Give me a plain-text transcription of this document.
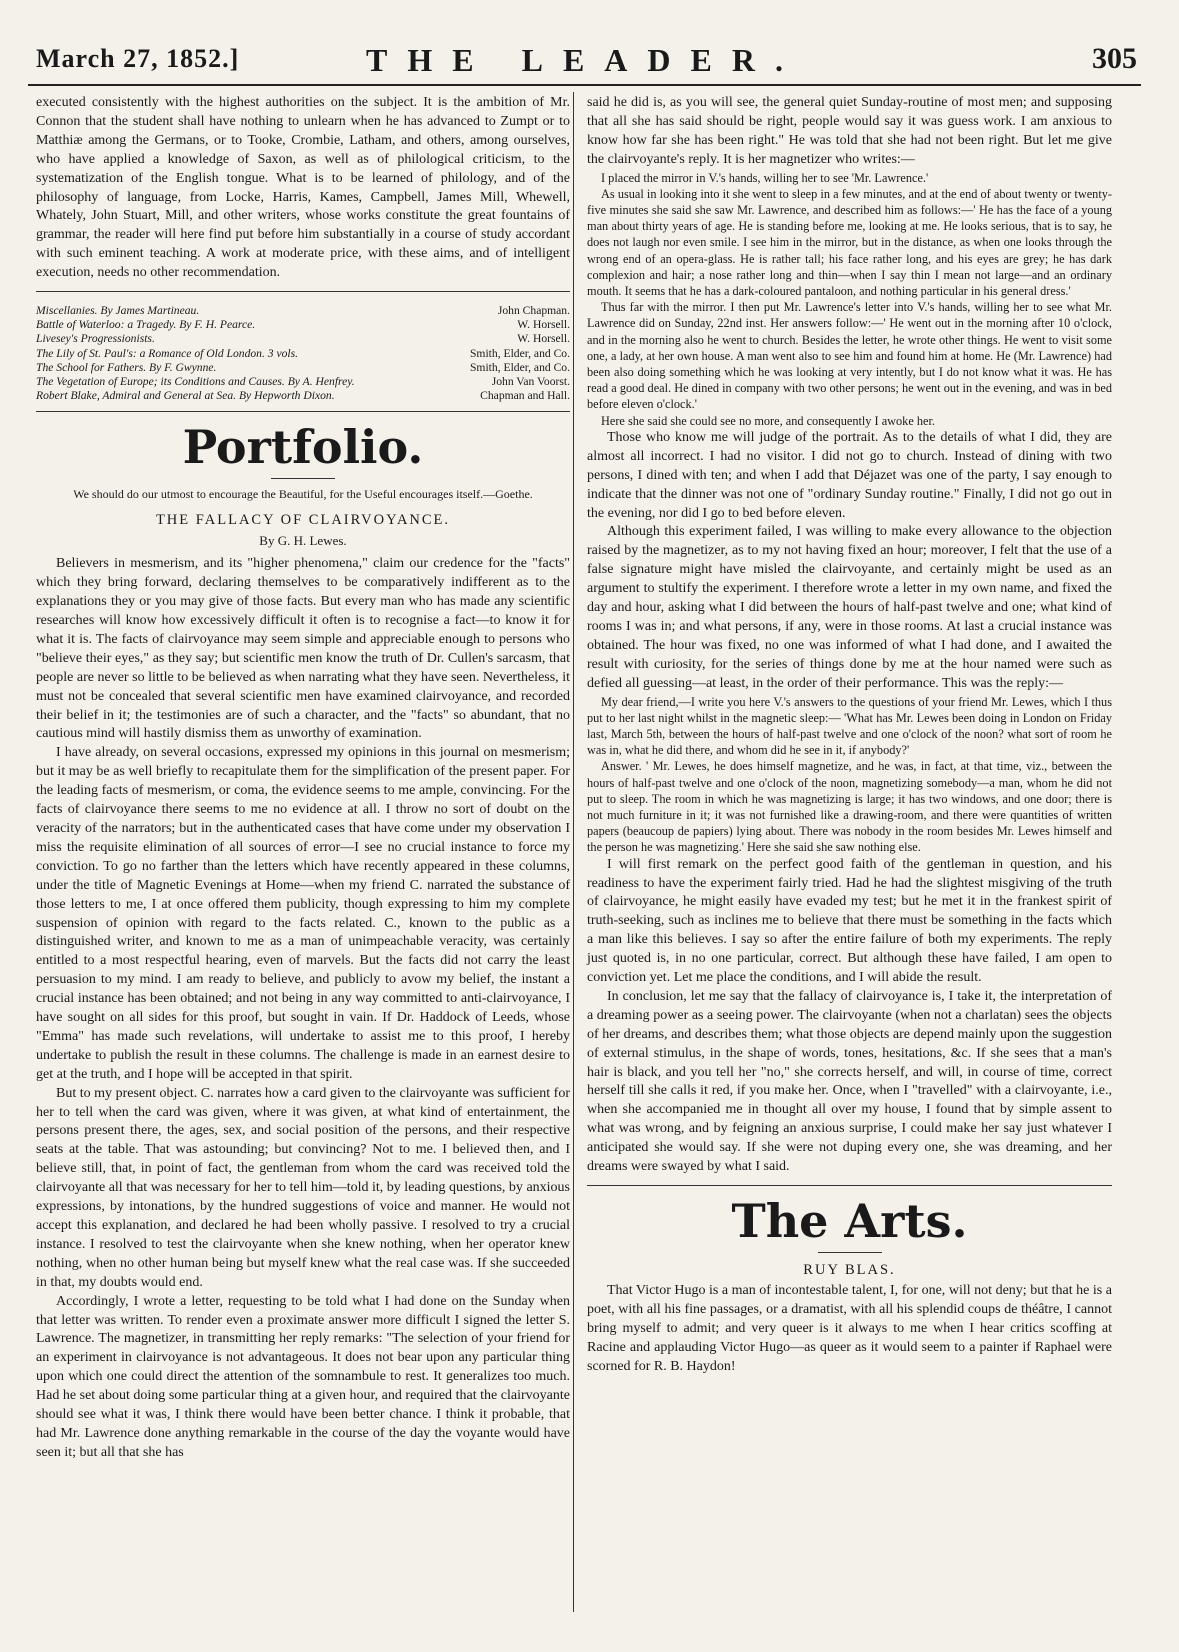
March 27, 1852.]	THE LEADER.	305

executed consistently with the highest authorities on the subject. It is the ambition of Mr. Connon that the student shall have nothing to unlearn when he has advanced to Zumpt or to Matthiæ among the Germans, or to Tooke, Crombie, Latham, and others, among ourselves, who have applied a knowledge of Saxon, as well as of philological criticism, to the systematization of the English tongue. What is to be learned of philology, and of the philosophy of language, from Locke, Harris, Kames, Campbell, James Mill, Whewell, Whately, John Stuart, Mill, and other writers, whose works constitute the great fountains of grammar, the reader will here find put before him substantially in a course of study accordant with such eminent teaching. A work at moderate price, with these aims, and of intelligent execution, needs no other recommendation.

Miscellanies. By James Martineau.	John Chapman.
Battle of Waterloo: a Tragedy. By F. H. Pearce.	W. Horsell.
Livesey's Progressionists.	W. Horsell.
The Lily of St. Paul's: a Romance of Old London. 3 vols.	Smith, Elder, and Co.
The School for Fathers. By F. Gwynne.	Smith, Elder, and Co.
The Vegetation of Europe; its Conditions and Causes. By A. Henfrey.	John Van Voorst.
Robert Blake, Admiral and General at Sea. By Hepworth Dixon.	Chapman and Hall.
Portfolio.
We should do our utmost to encourage the Beautiful, for the Useful encourages itself.—Goethe.
THE FALLACY OF CLAIRVOYANCE.
By G. H. Lewes.

Believers in mesmerism, and its "higher phenomena," claim our credence for the "facts" which they bring forward, declaring themselves to be comparatively indifferent as to the explanations they or you may give of those facts. But every man who has made any scientific researches will know how excessively difficult it often is to recognise a fact—to know it for what it is. The facts of clairvoyance may seem simple and appreciable enough to persons who "believe their eyes," as they say; but scientific men know the truth of Dr. Cullen's sarcasm, that people are never so little to be believed as when narrating what they have seen. Nevertheless, it must not be concealed that several scientific men have examined clairvoyance, and recorded their belief in it; the testimonies are of such a character, and the "facts" so abundant, that no cautious mind will hastily dismiss them as unworthy of examination.

I have already, on several occasions, expressed my opinions in this journal on mesmerism; but it may be as well briefly to recapitulate them for the simplification of the present paper. For the leading facts of mesmerism, or coma, the evidence seems to me ample, convincing. For the facts of clairvoyance there seems to me no evidence at all. I throw no sort of doubt on the veracity of the narrators; but in the authenticated cases that have come under my observation I miss the requisite elimination of all sources of error—I see no crucial instance to force my conviction. To go no farther than the letters which have recently appeared in these columns, under the title of Magnetic Evenings at Home—when my friend C. narrated the substance of those letters to me, I at once offered them publicity, though expressing to him my complete suspension of opinion with regard to the facts related. C., known to the public as a distinguished writer, and known to me as a man of unimpeachable veracity, was certainly entitled to a most respectful hearing, even of marvels. But the facts did not carry the least persuasion to my mind. I am ready to believe, and publicly to avow my belief, the instant a crucial instance has been obtained; and not being in any way committed to anti-clairvoyance, I have sought on all sides for this proof, but sought in vain. If Dr. Haddock of Leeds, whose "Emma" has made such revelations, will undertake to assist me to this proof, I hereby undertake to publish the result in these columns. The challenge is made in an earnest desire to get at the truth, and I hope will be accepted in that spirit.

But to my present object. C. narrates how a card given to the clairvoyante was sufficient for her to tell when the card was given, where it was given, at what kind of entertainment, the persons present there, the ages, sex, and social position of the persons, and their respective seats at the table. That was astounding; but convincing? Not to me. I believed then, and I believe still, that, in point of fact, the gentleman from whom the card was received told the clairvoyante all that was necessary for her to tell him—told it, by leading questions, by anxious expressions, by intonations, by the hundred suggestions of voice and manner. He would not accept this explanation, and declared he had been wholly passive. I resolved to try a crucial instance. I resolved to test the clairvoyante when she knew nothing, when her operator knew nothing, when no other human being but myself knew what the real case was. If she succeeded in that, my doubts would end.

Accordingly, I wrote a letter, requesting to be told what I had done on the Sunday when that letter was written. To render even a proximate answer more difficult I signed the letter S. Lawrence. The magnetizer, in transmitting her reply remarks: "The selection of your friend for an experiment in clairvoyance is not advantageous. It does not bear upon any particular thing upon which one could direct the attention of the somnambule to rest. It generalizes too much. Had he set about doing some particular thing at a given hour, and required that the clairvoyante should see what it was, I think there would have been better chance. I think it probable, that had Mr. Lawrence done anything remarkable in the course of the day the voyante would have seen it; but all that she has

said he did is, as you will see, the general quiet Sunday-routine of most men; and supposing that all she has said should be right, people would say it was guess work. I am anxious to know how far she has been right." He was told that she had not been right. But let me give the clairvoyante's reply. It is her magnetizer who writes:—

I placed the mirror in V.'s hands, willing her to see 'Mr. Lawrence.'

As usual in looking into it she went to sleep in a few minutes, and at the end of about twenty or twenty-five minutes she said she saw Mr. Lawrence, and described him as follows:—' He has the face of a young man about thirty years of age. He is standing before me, looking at me. He looks serious, that is to say, he does not laugh nor even smile. I see him in the mirror, but in the distance, as when one looks through the wrong end of an opera-glass. He is rather tall; his face rather long, and his eyes are grey; he has dark complexion and hair; a nose rather long and thin—when I say thin I mean not large—and an ordinary mouth. It seems that he has a dark-coloured pantaloon, and nothing particular in his general dress.'

Thus far with the mirror. I then put Mr. Lawrence's letter into V.'s hands, willing her to see what Mr. Lawrence did on Sunday, 22nd inst. Her answers follow:—' He went out in the morning after 10 o'clock, and in the morning also he went to church. Besides the letter, he wrote other things. He went to visit some one, a lady, at her own house. A man went also to see him and found him at home. He (Mr. Lawrence) had been also doing something which he was looking at very intently, but I do not know what it was. He has read a good deal. He dined in company with two other persons; he went out in the evening, and was in bed before eleven o'clock.'

Here she said she could see no more, and consequently I awoke her.

Those who know me will judge of the portrait. As to the details of what I did, they are almost all incorrect. I had no visitor. I did not go to church. Instead of dining with two persons, I dined with ten; and when I add that Déjazet was one of the party, I say enough to indicate that the dinner was not one of "ordinary Sunday routine." Finally, I did not go out in the evening, nor did I go to bed before eleven.

Although this experiment failed, I was willing to make every allowance to the objection raised by the magnetizer, as to my not having fixed an hour; moreover, I felt that the use of a false signature might have misled the clairvoyante, and certainly might be used as an argument to stultify the experiment. I therefore wrote a letter in my own name, and fixed the day and hour, asking what I did between the hours of half-past twelve and one; what kind of rooms I was in; and what persons, if any, were in those rooms. At last a crucial instance was obtained. The hour was fixed, no one was informed of what I had done, and I awaited the result with curiosity, for the series of things done by me at the hour named were such as defied all guessing—at least, in the order of their performance. This was the reply:—

My dear friend,—I write you here V.'s answers to the questions of your friend Mr. Lewes, which I thus put to her last night whilst in the magnetic sleep:— 'What has Mr. Lewes been doing in London on Friday last, March 5th, between the hours of half-past twelve and one o'clock of the noon? what sort of room he was in, what he did there, and whom did he see in it, if anybody?'

Answer. ' Mr. Lewes, he does himself magnetize, and he was, in fact, at that time, viz., between the hours of half-past twelve and one o'clock of the noon, magnetizing somebody—a man, whom he did not put to sleep. The room in which he was magnetizing is large; it has two windows, and one door; there is not much furniture in it; it was not furnished like a drawing-room, and there were quantities of written papers (beaucoup de papiers) lying about. There was nobody in the room besides Mr. Lewes himself and the person he was magnetizing.' Here she said she saw nothing else.

I will first remark on the perfect good faith of the gentleman in question, and his readiness to have the experiment fairly tried. Had he had the slightest misgiving of the truth of clairvoyance, he might easily have evaded my test; but he met it in the frankest spirit of truth-seeking, such as inclines me to believe that there must be something in the facts which a man like this believes. I say so after the entire failure of both my experiments. The reply just quoted is, in no one particular, correct. But although these have failed, I am open to conviction yet. Let me place the conditions, and I will abide the result.

In conclusion, let me say that the fallacy of clairvoyance is, I take it, the interpretation of a dreaming power as a seeing power. The clairvoyante (when not a charlatan) sees the objects of her dreams, and describes them; what those objects are depend mainly upon the suggestion of external stimulus, in the shape of words, tones, hesitations, &c. If she sees that a man's hair is black, and you tell her "no," she corrects herself, and will, in course of time, correct herself till she calls it red, if you make her. Once, when I "travelled" with a clairvoyante, i.e., when she accompanied me in thought all over my house, I found that by simple assent to what was wrong, and by feigning an anxious surprise, I could make her say just whatever I anticipated she would say. If she were not duping every one, she was dreaming, and her dreams were swayed by what I said.

The Arts.
RUY BLAS.

That Victor Hugo is a man of incontestable talent, I, for one, will not deny; but that he is a poet, with all his fine passages, or a dramatist, with all his splendid coups de théâtre, I cannot bring myself to admit; and very queer is it always to me when I hear critics scoffing at Racine and applauding Victor Hugo—as queer as it would seem to a painter if Raphael were scorned for R. B. Haydon!
